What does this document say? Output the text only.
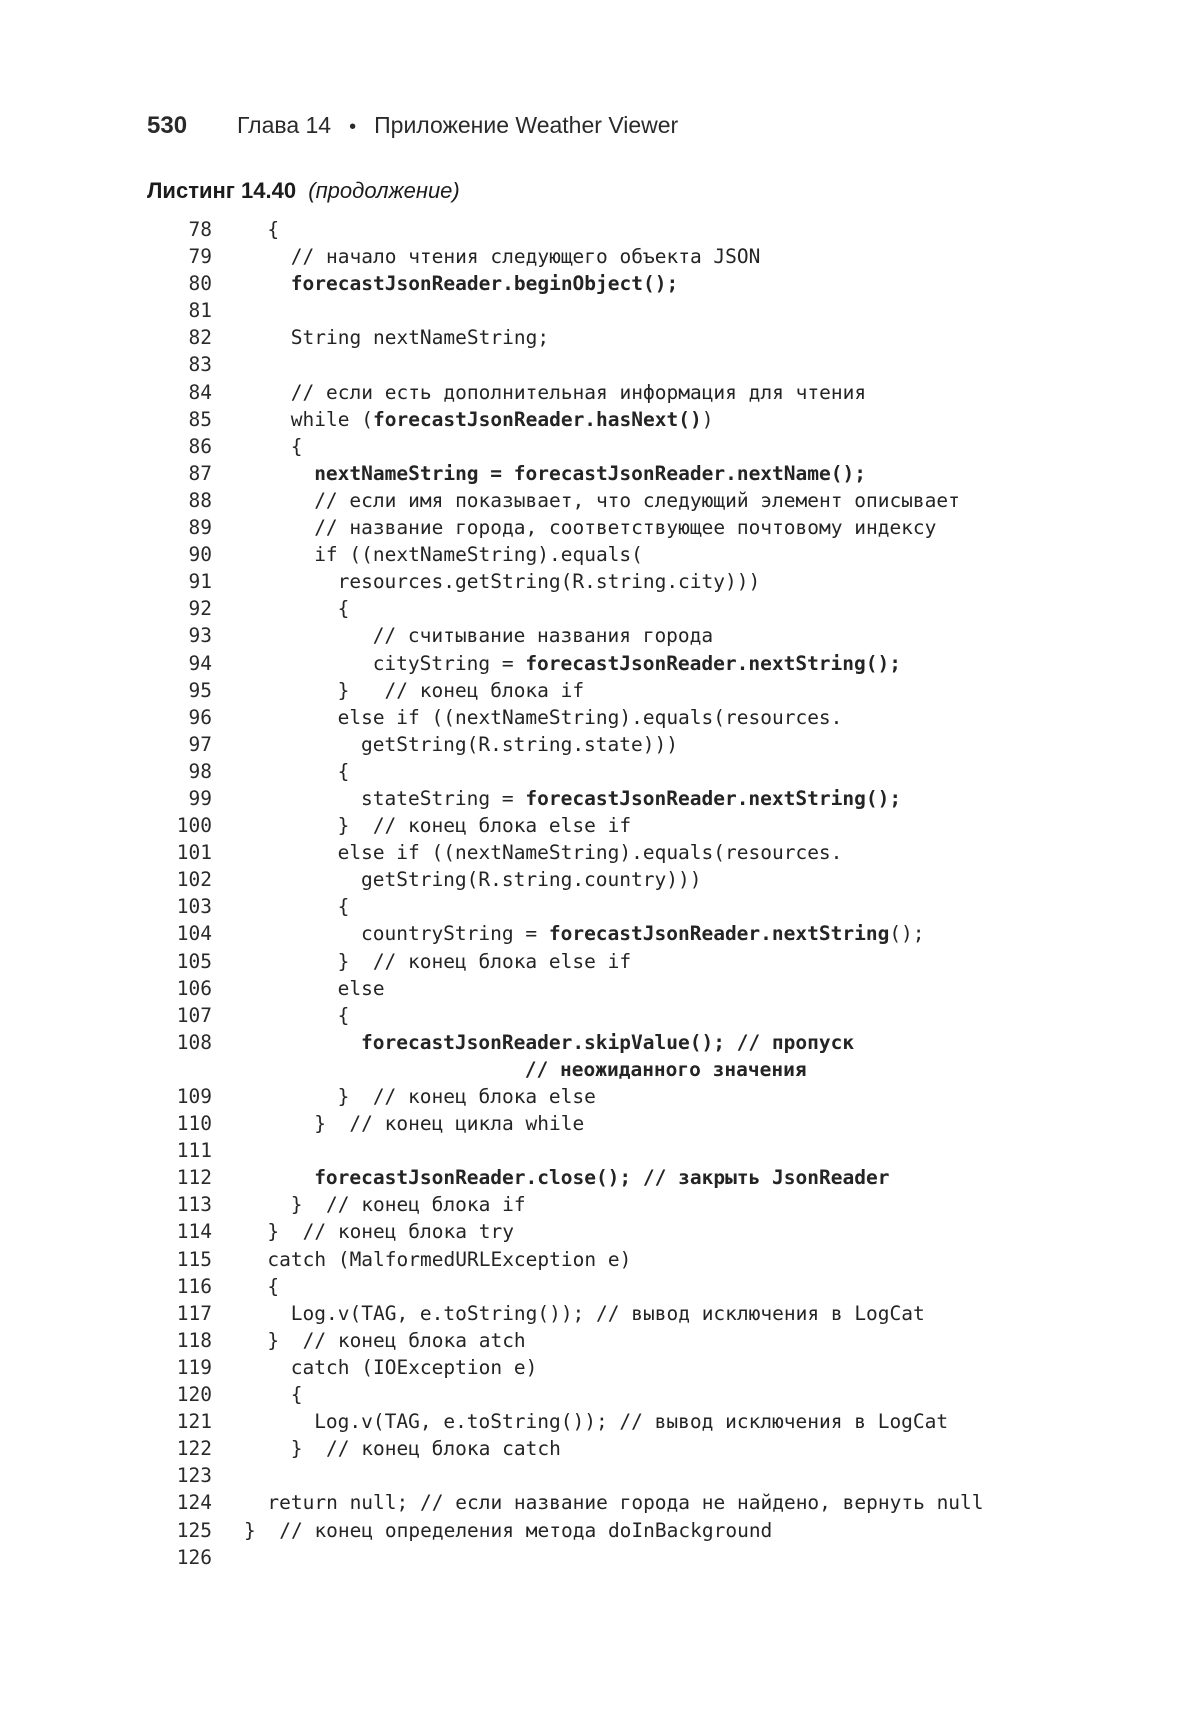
530	Глава 14 • Приложение Weather Viewer
Листинг 14.40 (продолжение)
78	{
79	// начало чтения следующего объекта JSON
80	forecastJsonReader.beginObject();
81
82	String nextNameString;
83
84	// если есть дополнительная информация для чтения
85	while (forecastJsonReader.hasNext())
86	{
87	nextNameString = forecastJsonReader.nextName();
88	// если имя показывает, что следующий элемент описывает
89	// название города, соответствующее почтовому индексу
90	if ((nextNameString).equals(
91	resources.getString(R.string.city)))
92	{
93	// считывание названия города
94	cityString = forecastJsonReader.nextString();
95	}   // конец блока if
96	else if ((nextNameString).equals(resources.
97	getString(R.string.state)))
98	{
99	stateString = forecastJsonReader.nextString();
100	}  // конец блока else if
101	else if ((nextNameString).equals(resources.
102	getString(R.string.country)))
103	{
104	countryString = forecastJsonReader.nextString();
105	}  // конец блока else if
106	else
107	{
108	forecastJsonReader.skipValue(); // пропуск
// неожиданного значения
109	}  // конец блока else
110	}  // конец цикла while
111
112	forecastJsonReader.close(); // закрыть JsonReader
113	}  // конец блока if
114	}  // конец блока try
115	catch (MalformedURLException e)
116	{
117	Log.v(TAG, e.toString()); // вывод исключения в LogCat
118	}  // конец блока atch
119	catch (IOException e)
120	{
121	Log.v(TAG, e.toString()); // вывод исключения в LogCat
122	}  // конец блока catch
123
124	return null; // если название города не найдено, вернуть null
125 }  // конец определения метода doInBackground
126
